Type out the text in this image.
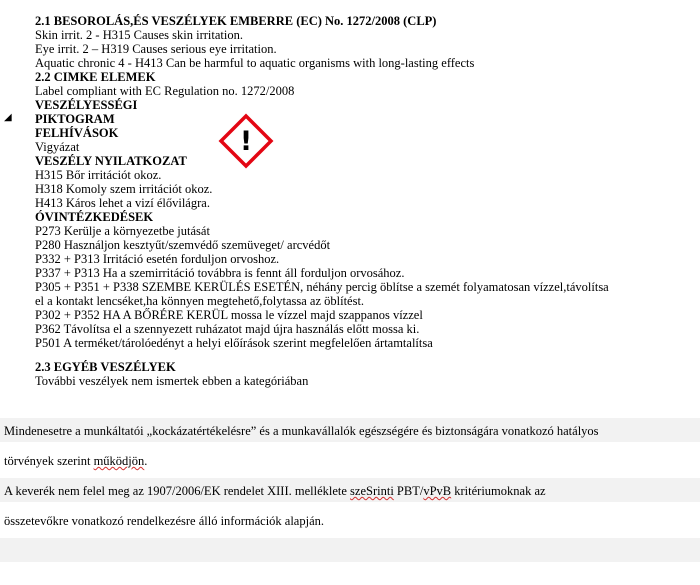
2.1 BESOROLÁS,ÉS VESZÉLYEK EMBERRE (EC) No. 1272/2008 (CLP)
Skin irrit. 2 - H315 Causes skin irritation.
Eye irrit. 2 – H319 Causes serious eye irritation.
Aquatic chronic 4 - H413 Can be harmful to aquatic organisms with long-lasting effects
2.2 CIMKE ELEMEK
Label compliant with EC Regulation no. 1272/2008
◢
VESZÉLYESSÉGI
PIKTOGRAM
FELHÍVÁSOK
Vigyázat	!
VESZÉLY NYILATKOZAT
H315 Bőr irritációt okoz.
H318 Komoly szem irritációt okoz.
H413 Káros lehet a vizí élővilágra.
ÓVINTÉZKEDÉSEK
P273 Kerülje a környezetbe jutását
P280 Használjon kesztyűt/szemvédő szemüveget/ arcvédőt
P332 + P313 Irritáció esetén forduljon orvoshoz.
P337 + P313 Ha a szemirritáció továbbra is fennt áll forduljon orvosához.
P305 + P351 + P338 SZEMBE KERÜLÉS ESETÉN, néhány percig öblítse a szemét folyamatosan vízzel,távolítsa
el a kontakt lencséket,ha könnyen megtehető,folytassa az öblítést.
P302 + P352 HA A BŐRÉRE KERÜL mossa le vízzel majd szappanos vízzel
P362 Távolítsa el a szennyezett ruházatot majd újra használás előtt mossa ki.
P501 A terméket/tárolóedényt a helyi előírások szerint megfelelően ártamtalítsa
2.3 EGYÉB VESZÉLYEK
További veszélyek nem ismertek ebben a kategóriában
Mindenesetre a munkáltatói „kockázatértékelésre” és a munkavállalók egészségére és biztonságára vonatkozó hatályos
törvények szerint működjön.
A keverék nem felel meg az 1907/2006/EK rendelet XIII. melléklete szeSrinti PBT/vPvB kritériumoknak az
összetevőkre vonatkozó rendelkezésre álló információk alapján.
